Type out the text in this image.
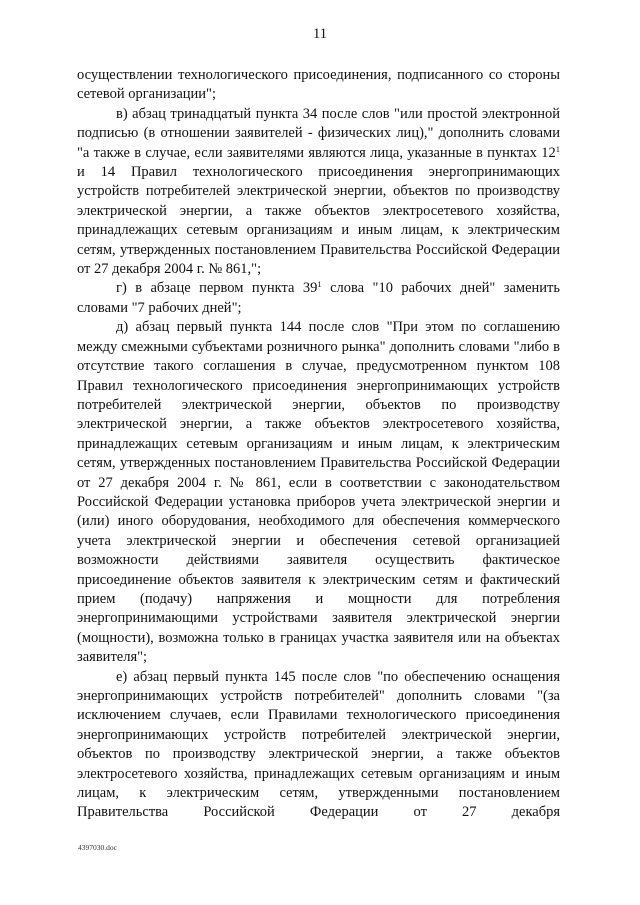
11

осуществлении технологического присоединения, подписанного со стороны сетевой организации";

в) абзац тринадцатый пункта 34 после слов "или простой электронной подписью (в отношении заявителей - физических лиц)," дополнить словами "а также в случае, если заявителями являются лица, указанные в пунктах $12^1$ и 14 Правил технологического присоединения энергопринимающих устройств потребителей электрической энергии, объектов по производству электрической энергии, а также объектов электросетевого хозяйства, принадлежащих сетевым организациям и иным лицам, к электрическим сетям, утвержденных постановлением Правительства Российской Федерации от 27 декабря 2004 г. № 861,";

г) в абзаце первом пункта $39^1$ слова "10 рабочих дней" заменить словами "7 рабочих дней";

д) абзац первый пункта 144 после слов "При этом по соглашению между смежными субъектами розничного рынка" дополнить словами "либо в отсутствие такого соглашения в случае, предусмотренном пунктом 108 Правил технологического присоединения энергопринимающих устройств потребителей электрической энергии, объектов по производству электрической энергии, а также объектов электросетевого хозяйства, принадлежащих сетевым организациям и иным лицам, к электрическим сетям, утвержденных постановлением Правительства Российской Федерации от 27 декабря 2004 г. № 861, если в соответствии с законодательством Российской Федерации установка приборов учета электрической энергии и (или) иного оборудования, необходимого для обеспечения коммерческого учета электрической энергии и обеспечения сетевой организацией возможности действиями заявителя осуществить фактическое присоединение объектов заявителя к электрическим сетям и фактический прием (подачу) напряжения и мощности для потребления энергопринимающими устройствами заявителя электрической энергии (мощности), возможна только в границах участка заявителя или на объектах заявителя";

е) абзац первый пункта 145 после слов "по обеспечению оснащения энергопринимающих устройств потребителей" дополнить словами "(за исключением случаев, если Правилами технологического присоединения энергопринимающих устройств потребителей электрической энергии, объектов по производству электрической энергии, а также объектов электросетевого хозяйства, принадлежащих сетевым организациям и иным лицам, к электрическим сетям, утвержденными постановлением Правительства Российской Федерации от 27 декабря

4397030.doc
